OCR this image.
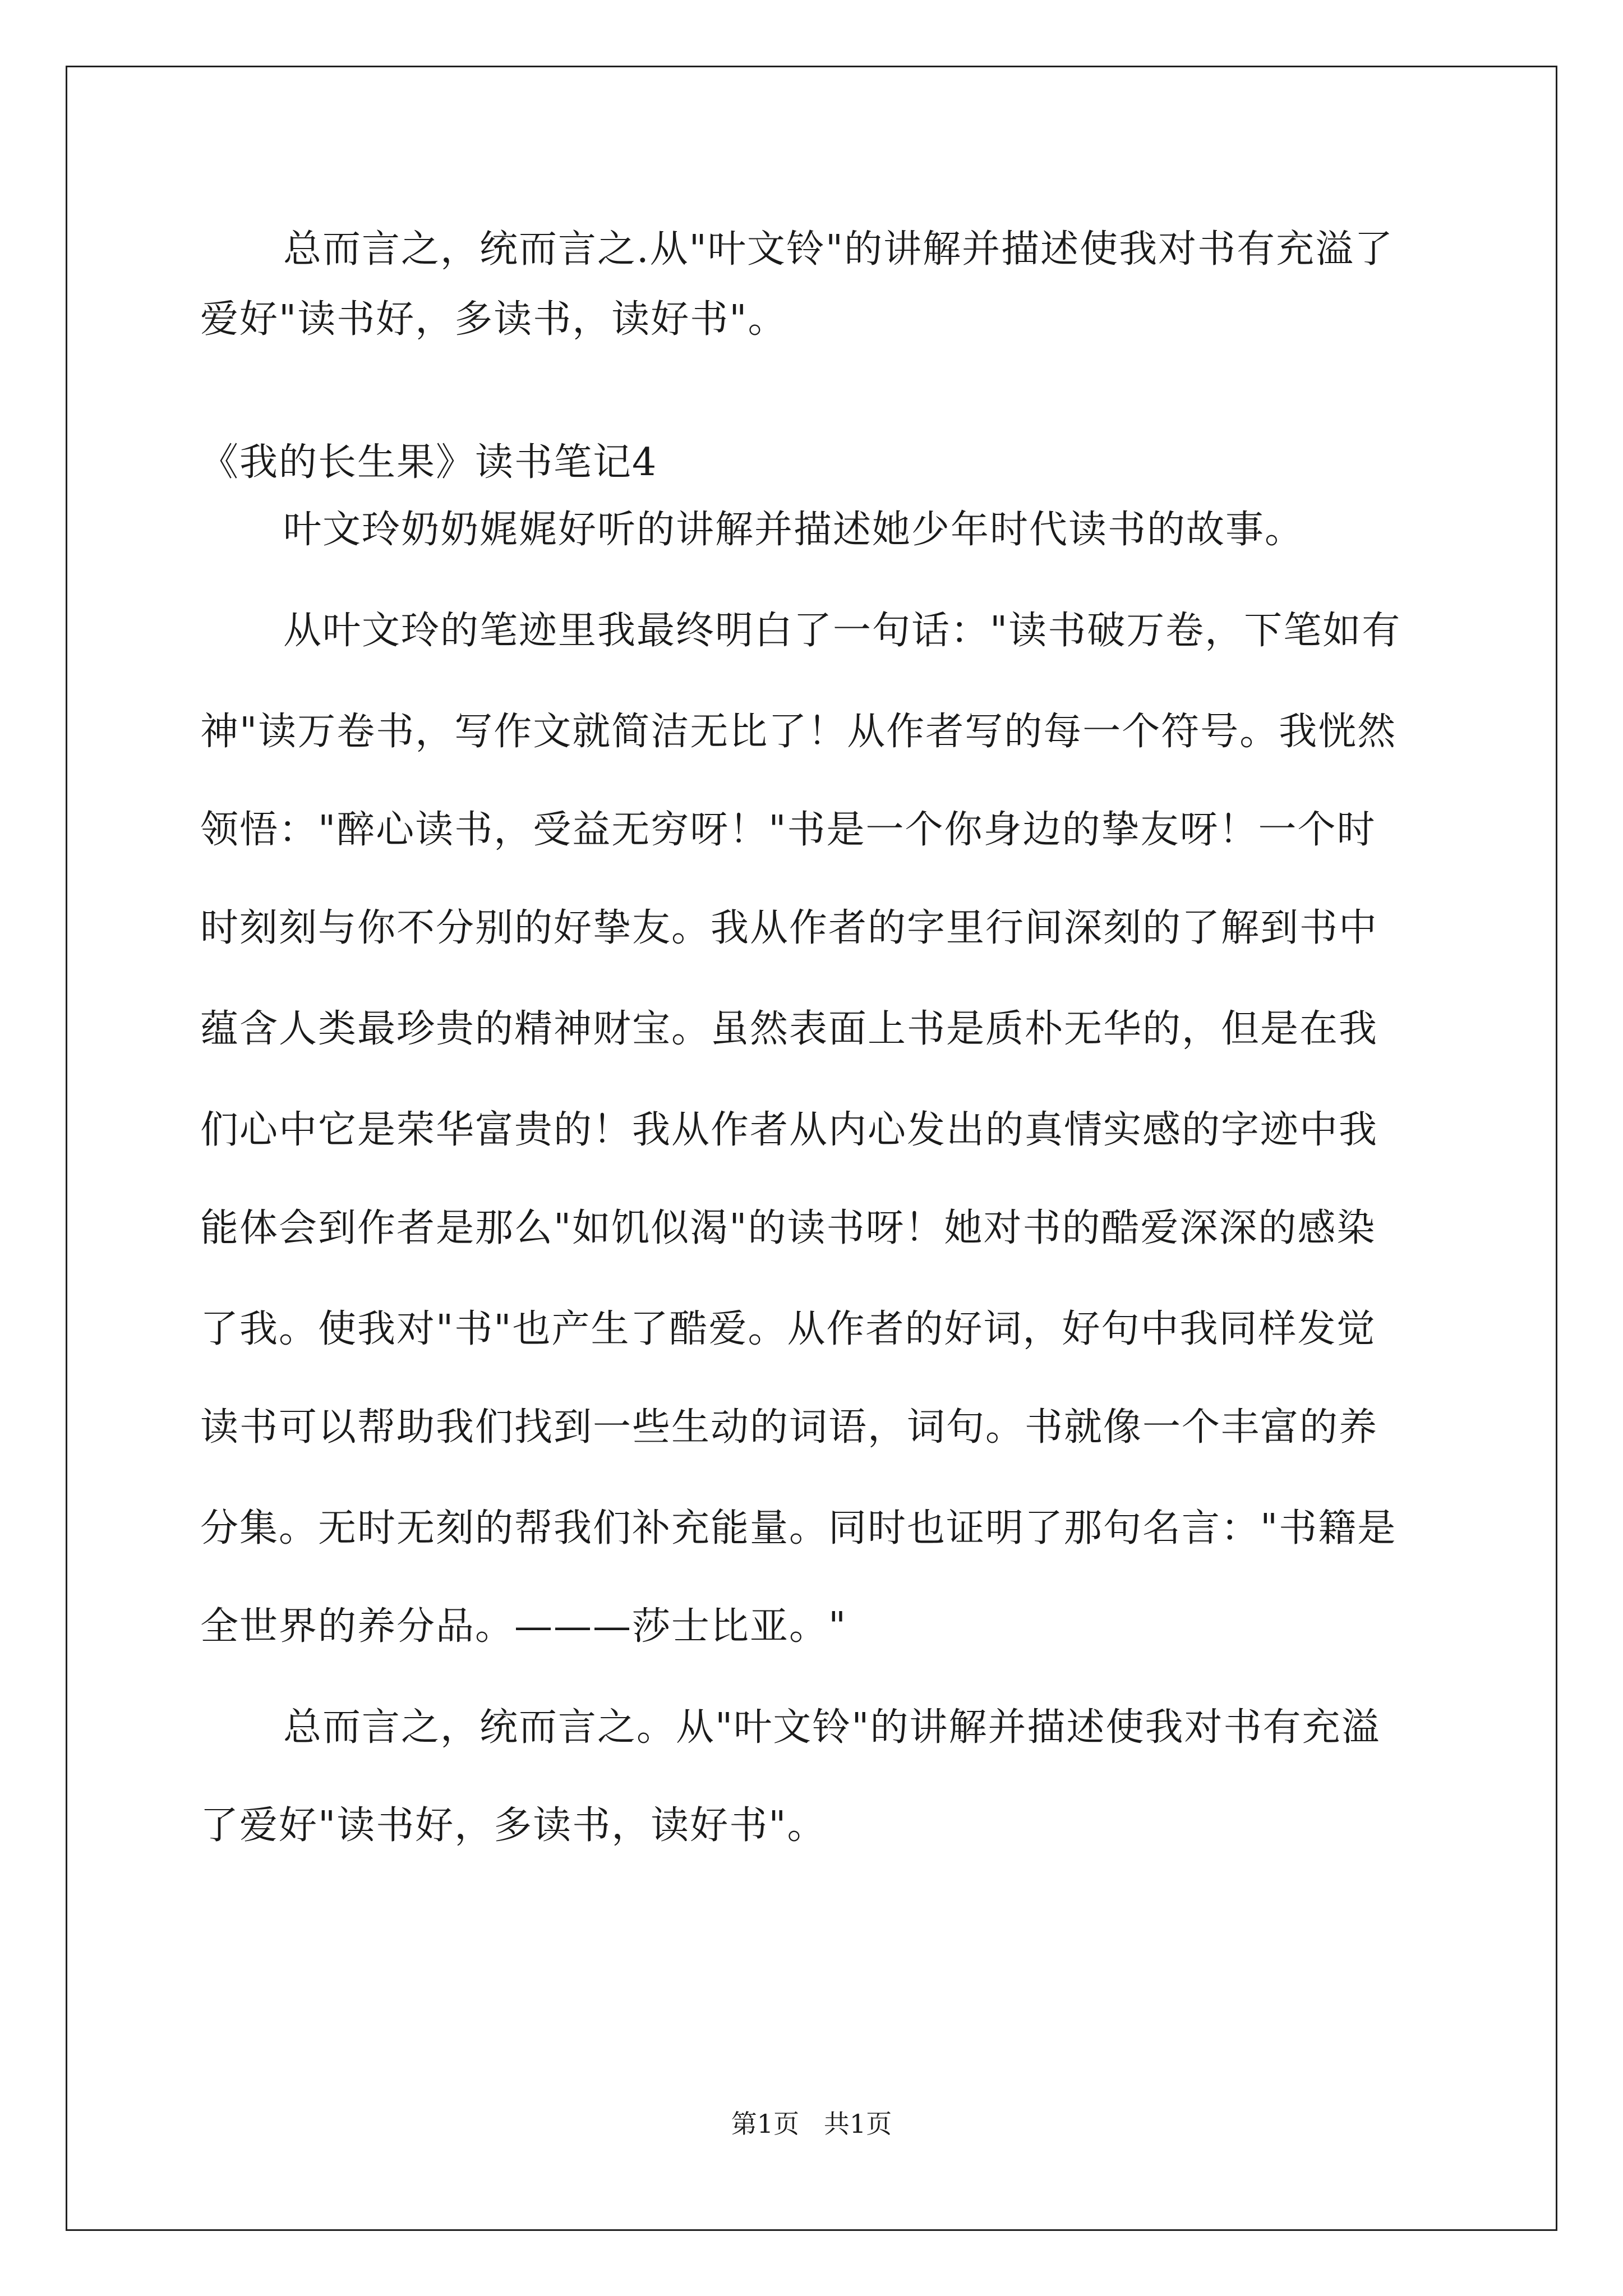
总而言之，统而言之.从"叶文铃"的讲解并描述使我对书有充溢了
爱好"读书好，多读书，读好书"。
《我的长生果》读书笔记4
叶文玲奶奶娓娓好听的讲解并描述她少年时代读书的故事。
从叶文玲的笔迹里我最终明白了一句话："读书破万卷，下笔如有
神"读万卷书，写作文就简洁无比了！从作者写的每一个符号。我恍然
领悟："醉心读书，受益无穷呀！"书是一个你身边的挚友呀！一个时
时刻刻与你不分别的好挚友。我从作者的字里行间深刻的了解到书中
蕴含人类最珍贵的精神财宝。虽然表面上书是质朴无华的，但是在我
们心中它是荣华富贵的！我从作者从内心发出的真情实感的字迹中我
能体会到作者是那么"如饥似渴"的读书呀！她对书的酷爱深深的感染
了我。使我对"书"也产生了酷爱。从作者的好词，好句中我同样发觉
读书可以帮助我们找到一些生动的词语，词句。书就像一个丰富的养
分集。无时无刻的帮我们补充能量。同时也证明了那句名言："书籍是
全世界的养分品。———莎士比亚。"
总而言之，统而言之。从"叶文铃"的讲解并描述使我对书有充溢
了爱好"读书好，多读书，读好书"。
第1页   共1页
